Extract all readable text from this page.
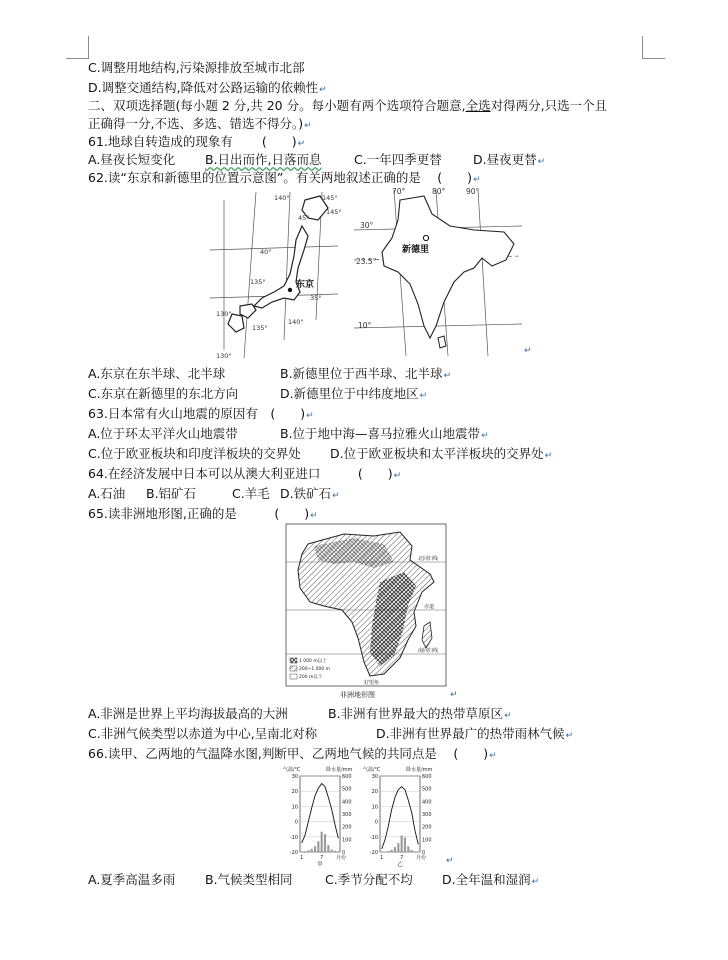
C.调整用地结构,污染源排放至城市北部
D.调整交通结构,降低对公路运输的依赖性↵
二、双项选择题(每小题 2 分,共 20 分。每小题有两个选项符合题意,全选对得两分,只选一个且
正确得一分,不选、多选、错选不得分。)↵
61.地球自转造成的现象有　　 (　　)↵
A.昼夜长短变化 B.日出而作,日落而息	C.一年四季更替	D.昼夜更替↵
62.读“东京和新德里的位置示意图”。有关两地叙述正确的是　 (　　)↵
东京
140°	145°
145°
45°
40°
135°
35°
130°
140°
135°
130°
新德里
70°	80°	90°
30°
23.5°
10°
↵
A.东京在东半球、北半球	B.新德里位于西半球、北半球↵
C.东京在新德里的东北方向	D.新德里位于中纬度地区↵
63.日本常有火山地震的原因有　(　　)↵
A.位于环太平洋火山地震带	B.位于地中海—喜马拉雅火山地震带↵
C.位于欧亚板块和印度洋板块的交界处 D.位于欧亚板块和太平洋板块的交界处↵
64.在经济发展中日本可以从澳大利亚进口　　　(　　)↵
A.石油 B.铝矿石	C.羊毛 D.铁矿石↵
65.读非洲地形图,正确的是　　　(　　)↵
北回归线
赤道
南回归线
好望角
1 000 m以上
200~1 000 m
200 m以下
非洲地形图	↵
A.非洲是世界上平均海拔最高的大洲	B.非洲有世界最大的热带草原区↵
C.非洲气候类型以赤道为中心,呈南北对称	D.非洲有世界最广的热带雨林气候↵
66.读甲、乙两地的气温降水图,判断甲、乙两地气候的共同点是　 (　　)↵
30
20
10
0
-10
-20
600
500
400
300
200
100
0
气温/℃	降水量/mm
1	7	月份
甲
30
20
10
0
-10
-20
600
500
400
300
200
100
0
气温/℃	降水量/mm
1	7	月份
乙	↵
A.夏季高温多雨 B.气候类型相同	C.季节分配不均 D.全年温和湿润↵
